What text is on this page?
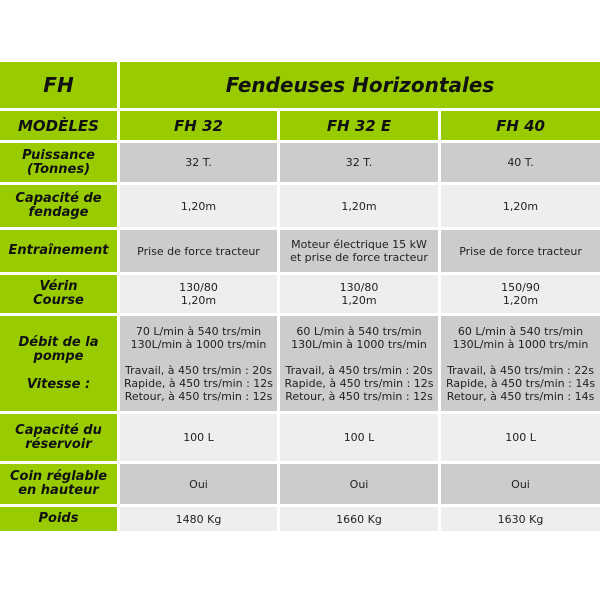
FH	Fendeuses Horizontales		
MODÈLES	FH 32	FH 32 E	FH 40

Puissance
(Tonnes)	32 T.	32 T.	40 T.

Capacité de
fendage	1,20m	1,20m	1,20m

Entraînement	Prise de force tracteur	Moteur électrique 15 kW
et prise de force tracteur	Prise de force tracteur

Vérin
Course	130/80
1,20m	130/80
1,20m	150/90
1,20m

Débit de la
pompe
Vitesse :	70 L/min à 540 trs/min
130L/min à 1000 trs/min
Travail, à 450 trs/min : 20s
Rapide, à 450 trs/min : 12s
Retour, à 450 trs/min : 12s	60 L/min à 540 trs/min
130L/min à 1000 trs/min
Travail, à 450 trs/min : 20s
Rapide, à 450 trs/min : 12s
Retour, à 450 trs/min : 12s	60 L/min à 540 trs/min
130L/min à 1000 trs/min
Travail, à 450 trs/min : 22s
Rapide, à 450 trs/min : 14s
Retour, à 450 trs/min : 14s

Capacité du
réservoir	100 L	100 L	100 L

Coin réglable
en hauteur	Oui	Oui	Oui

Poids	1480 Kg	1660 Kg	1630 Kg
